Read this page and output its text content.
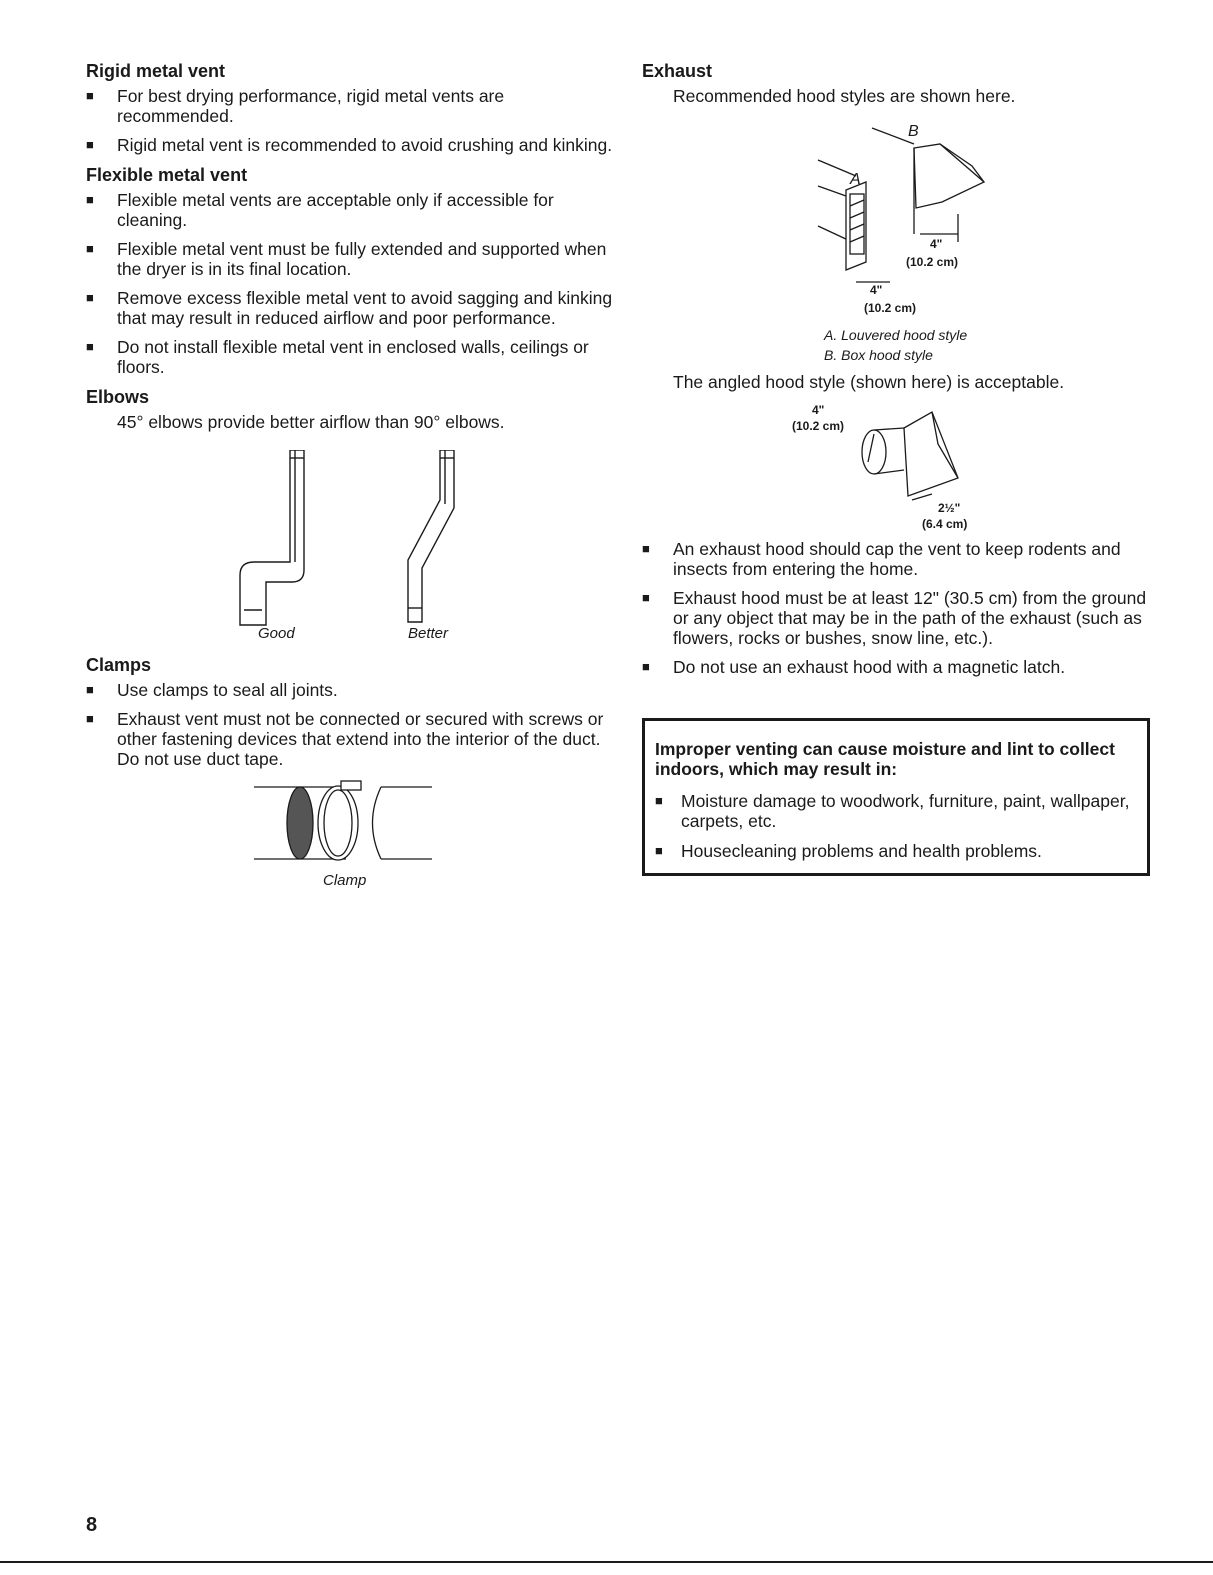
Rigid metal vent
■ For best drying performance, rigid metal vents are recommended.
■ Rigid metal vent is recommended to avoid crushing and kinking.
Flexible metal vent
■ Flexible metal vents are acceptable only if accessible for cleaning.
■ Flexible metal vent must be fully extended and supported when the dryer is in its final location.
■ Remove excess flexible metal vent to avoid sagging and kinking that may result in reduced airflow and poor performance.
■ Do not install flexible metal vent in enclosed walls, ceilings or floors.
Elbows

45° elbows provide better airflow than 90° elbows.

Good	Better
Clamps
■ Use clamps to seal all joints.
■ Exhaust vent must not be connected or secured with screws or other fastening devices that extend into the interior of the duct. Do not use duct tape.
Clamp
Exhaust

Recommended hood styles are shown here.

B
A
4"
(10.2 cm)
4"
(10.2 cm)
A. Louvered hood style
B. Box hood style

The angled hood style (shown here) is acceptable.

4"
(10.2 cm)
2½"
(6.4 cm)
■ An exhaust hood should cap the vent to keep rodents and insects from entering the home.
■ Exhaust hood must be at least 12" (30.5 cm) from the ground or any object that may be in the path of the exhaust (such as flowers, rocks or bushes, snow line, etc.).
■ Do not use an exhaust hood with a magnetic latch.
Improper venting can cause moisture and lint to collect indoors, which may result in:
■ Moisture damage to woodwork, furniture, paint, wallpaper, carpets, etc.
■ Housecleaning problems and health problems.
8
